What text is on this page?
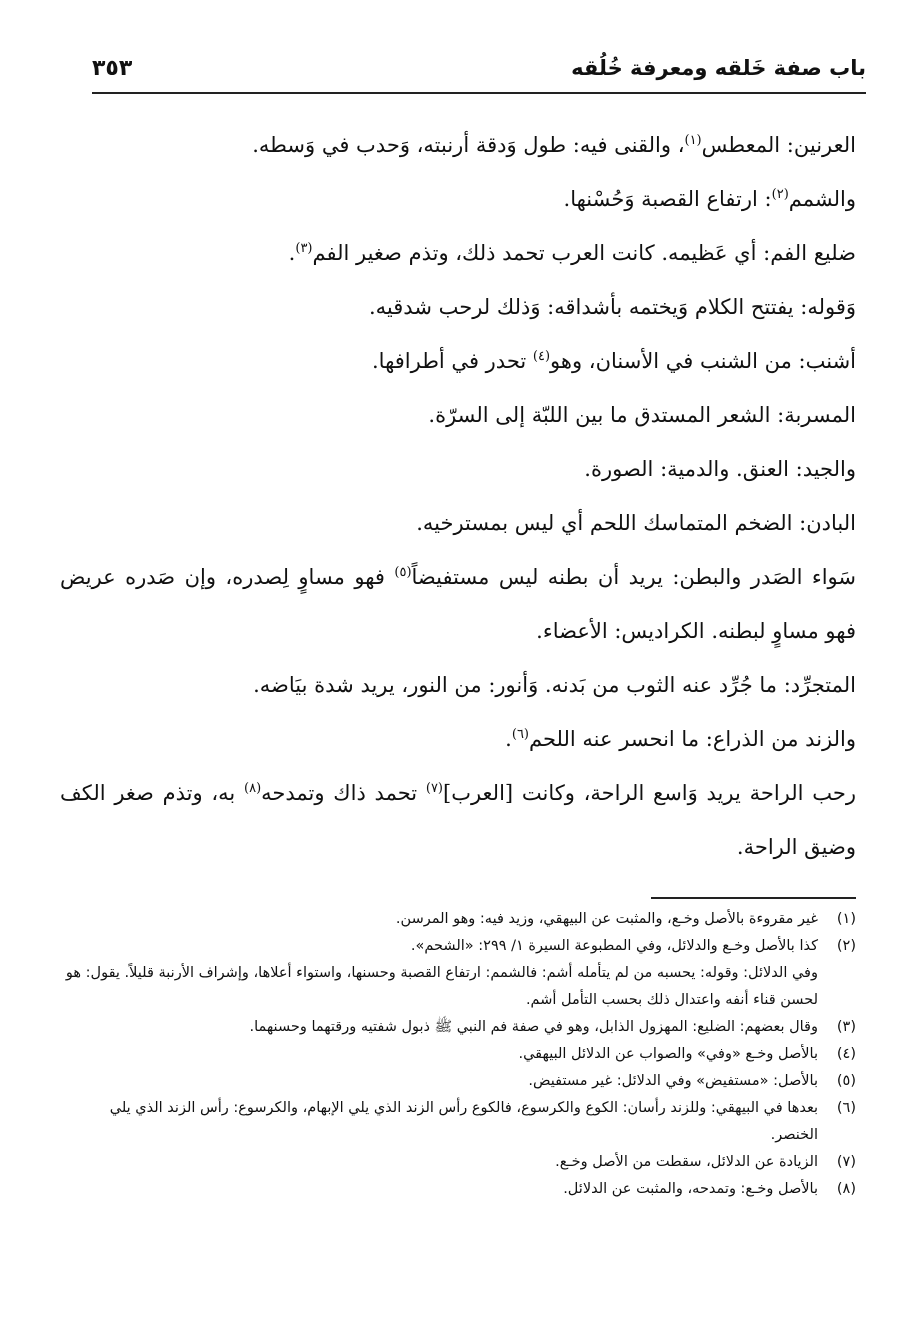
باب صفة خَلقه ومعرفة خُلُقه
٣٥٣
العرنين: المعطس$^{(١)}$، والقنى فيه: طول وَدقة أرنبته، وَحدب في وَسطه.
والشمم$^{(٢)}$: ارتفاع القصبة وَحُسْنها.
ضليع الفم: أي عَظيمه. كانت العرب تحمد ذلك، وتذم صغير الفم$^{(٣)}$.
وَقوله: يفتتح الكلام وَيختمه بأشداقه: وَذلك لرحب شدقيه.
أشنب: من الشنب في الأسنان، وهو$^{(٤)}$ تحدر في أطرافها.
المسربة: الشعر المستدق ما بين اللبّة إلى السرّة.
والجيد: العنق. والدمية: الصورة.
البادن: الضخم المتماسك اللحم أي ليس بمسترخيه.
سَواء الصَدر والبطن: يريد أن بطنه ليس مستفيضاً$^{(٥)}$ فهو مساوٍ لِصدره، وإن صَدره عريض فهو مساوٍ لبطنه. الكراديس: الأعضاء.
المتجرِّد: ما جُرِّد عنه الثوب من بَدنه. وَأنور: من النور، يريد شدة بيَاضه.
والزند من الذراع: ما انحسر عنه اللحم$^{(٦)}$.
رحب الراحة يريد وَاسع الراحة، وكانت [العرب]$^{(٧)}$ تحمد ذاك وتمدحه$^{(٨)}$ به، وتذم صغر الكف وضيق الراحة.
(١)
غير مقروءة بالأصل وخـع، والمثبت عن البيهقي، وزيد فيه: وهو المرسن.
(٢)
كذا بالأصل وخـع والدلائل، وفي المطبوعة السيرة ١/ ٢٩٩: «الشحم».
وفي الدلائل: وقوله: يحسبه من لم يتأمله أشم: فالشمم: ارتفاع القصبة وحسنها، واستواء أعلاها، وإشراف الأرنبة قليلاً. يقول: هو لحسن قناء أنفه واعتدال ذلك بحسب التأمل أشم.
(٣)
وقال بعضهم: الضليع: المهزول الذابل، وهو في صفة فم النبي ﷺ ذبول شفتيه ورقتهما وحسنهما.
(٤)
بالأصل وخـع «وفي» والصواب عن الدلائل البيهقي.
(٥)
بالأصل: «مستفيض» وفي الدلائل: غير مستفيض.
(٦)
بعدها في البيهقي: وللزند رأسان: الكوع والكرسوع، فالكوع رأس الزند الذي يلي الإبهام، والكرسوع: رأس الزند الذي يلي الخنصر.
(٧)
الزيادة عن الدلائل، سقطت من الأصل وخـع.
(٨)
بالأصل وخـع: وتمدحه، والمثبت عن الدلائل.
